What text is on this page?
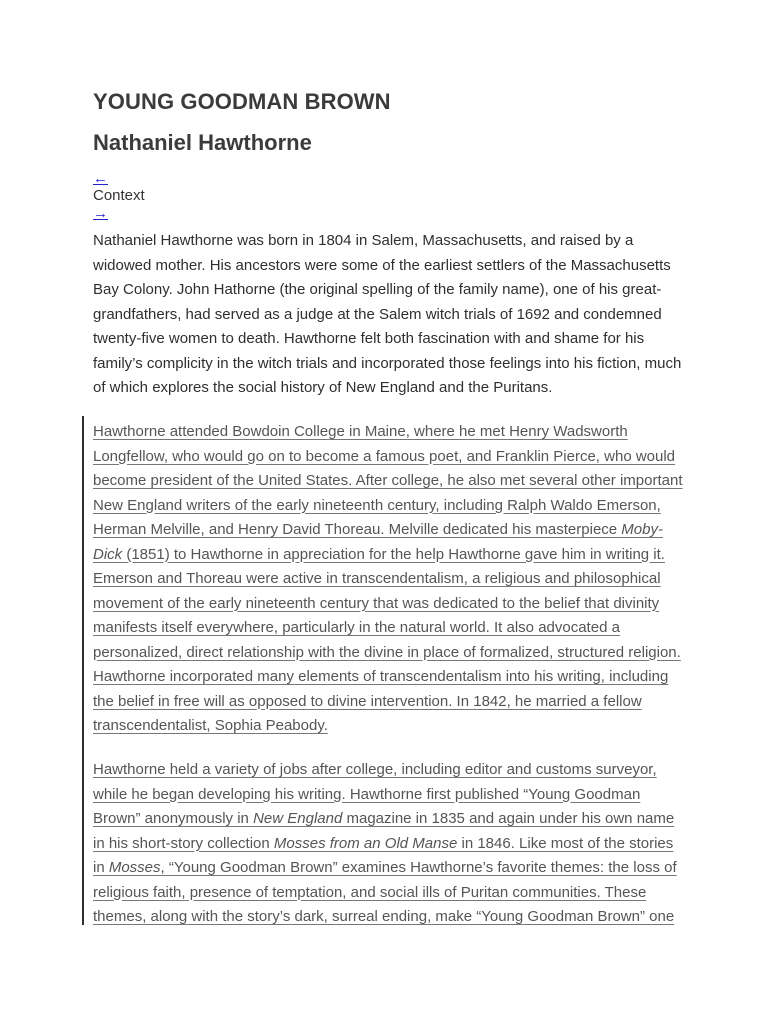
YOUNG GOODMAN BROWN
Nathaniel Hawthorne
←
Context
→

Nathaniel Hawthorne was born in 1804 in Salem, Massachusetts, and raised by a widowed mother. His ancestors were some of the earliest settlers of the Massachusetts Bay Colony. John Hathorne (the original spelling of the family name), one of his great-grandfathers, had served as a judge at the Salem witch trials of 1692 and condemned twenty-five women to death. Hawthorne felt both fascination with and shame for his family’s complicity in the witch trials and incorporated those feelings into his fiction, much of which explores the social history of New England and the Puritans.

Hawthorne attended Bowdoin College in Maine, where he met Henry Wadsworth Longfellow, who would go on to become a famous poet, and Franklin Pierce, who would become president of the United States. After college, he also met several other important New England writers of the early nineteenth century, including Ralph Waldo Emerson, Herman Melville, and Henry David Thoreau. Melville dedicated his masterpiece Moby-Dick (1851) to Hawthorne in appreciation for the help Hawthorne gave him in writing it. Emerson and Thoreau were active in transcendentalism, a religious and philosophical movement of the early nineteenth century that was dedicated to the belief that divinity manifests itself everywhere, particularly in the natural world. It also advocated a personalized, direct relationship with the divine in place of formalized, structured religion. Hawthorne incorporated many elements of transcendentalism into his writing, including the belief in free will as opposed to divine intervention. In 1842, he married a fellow transcendentalist, Sophia Peabody.

Hawthorne held a variety of jobs after college, including editor and customs surveyor, while he began developing his writing. Hawthorne first published “Young Goodman Brown” anonymously in New England magazine in 1835 and again under his own name in his short-story collection Mosses from an Old Manse in 1846. Like most of the stories in Mosses, “Young Goodman Brown” examines Hawthorne’s favorite themes: the loss of religious faith, presence of temptation, and social ills of Puritan communities. These themes, along with the story’s dark, surreal ending, make “Young Goodman Brown” one
